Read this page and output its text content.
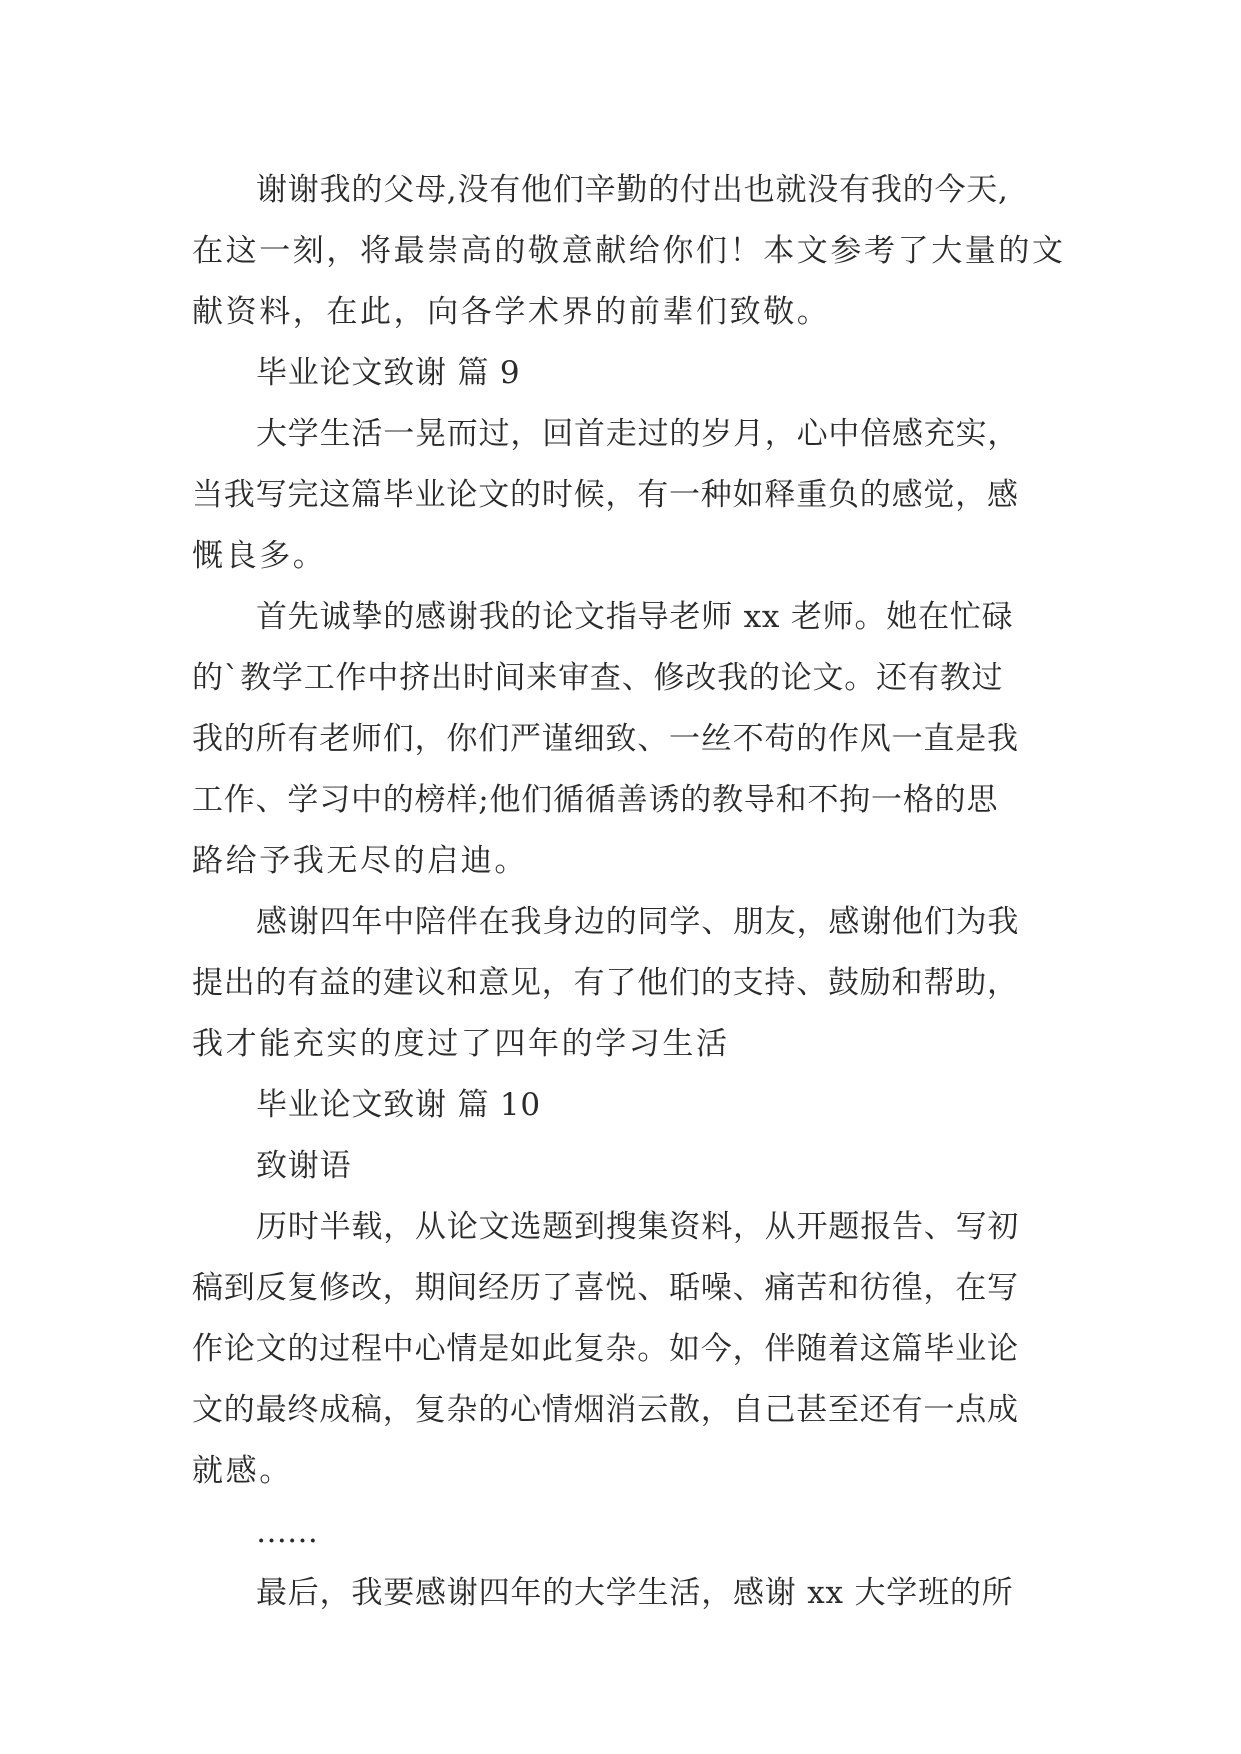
谢谢我的父母,没有他们辛勤的付出也就没有我的今天,
在这一刻，将最崇高的敬意献给你们！本文参考了大量的文
献资料，在此，向各学术界的前辈们致敬。
毕业论文致谢 篇 9
大学生活一晃而过，回首走过的岁月，心中倍感充实，
当我写完这篇毕业论文的时候，有一种如释重负的感觉，感
慨良多。
首先诚挚的感谢我的论文指导老师 xx 老师。她在忙碌
的`教学工作中挤出时间来审查、修改我的论文。还有教过
我的所有老师们，你们严谨细致、一丝不苟的作风一直是我
工作、学习中的榜样;他们循循善诱的教导和不拘一格的思
路给予我无尽的启迪。
感谢四年中陪伴在我身边的同学、朋友，感谢他们为我
提出的有益的建议和意见，有了他们的支持、鼓励和帮助，
我才能充实的度过了四年的学习生活
毕业论文致谢 篇 10
致谢语
历时半载，从论文选题到搜集资料，从开题报告、写初
稿到反复修改，期间经历了喜悦、聒噪、痛苦和彷徨，在写
作论文的过程中心情是如此复杂。如今，伴随着这篇毕业论
文的最终成稿，复杂的心情烟消云散，自己甚至还有一点成
就感。
……
最后，我要感谢四年的大学生活，感谢 xx 大学班的所
